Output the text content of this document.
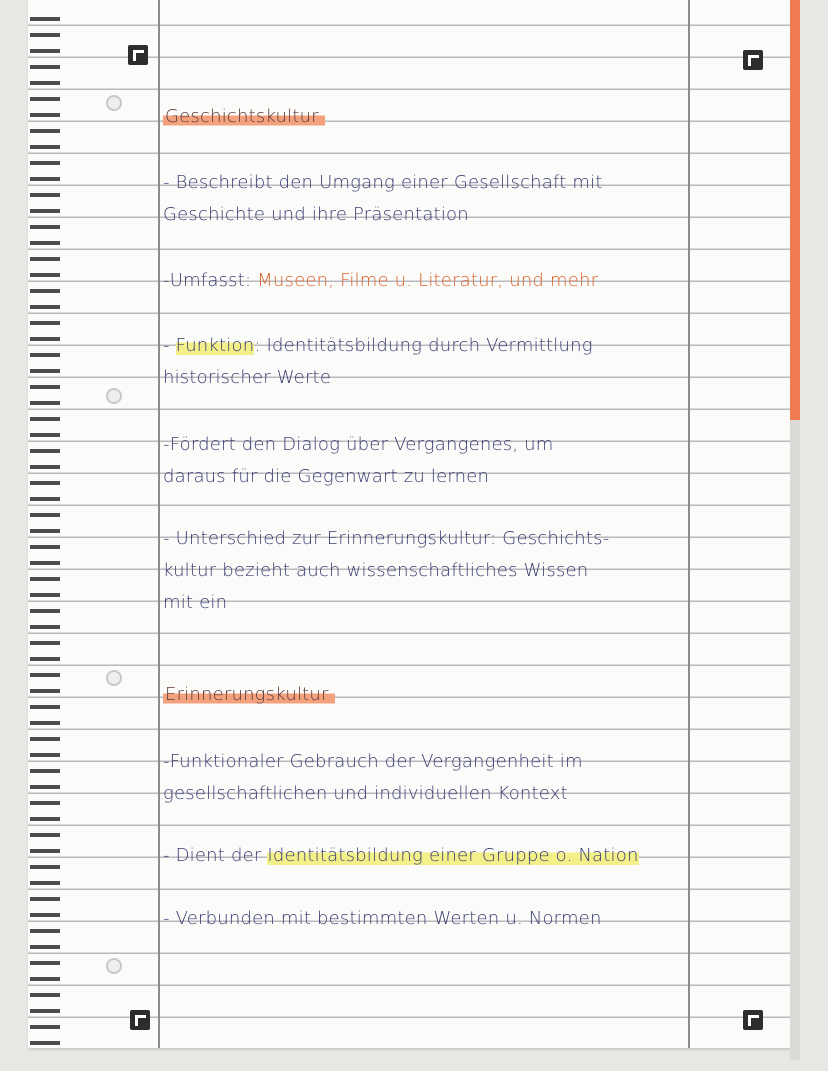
Geschichtskultur
- Beschreibt den Umgang einer Gesellschaft mit
Geschichte und ihre Präsentation
-Umfasst: Museen, Filme u. Literatur, und mehr
- Funktion: Identitätsbildung durch Vermittlung
historischer Werte
-Fördert den Dialog über Vergangenes, um
daraus für die Gegenwart zu lernen
- Unterschied zur Erinnerungskultur: Geschichts-
kultur bezieht auch wissenschaftliches Wissen
mit ein
Erinnerungskultur
-Funktionaler Gebrauch der Vergangenheit im
gesellschaftlichen und individuellen Kontext
- Dient der Identitätsbildung einer Gruppe o. Nation
- Verbunden mit bestimmten Werten u. Normen
